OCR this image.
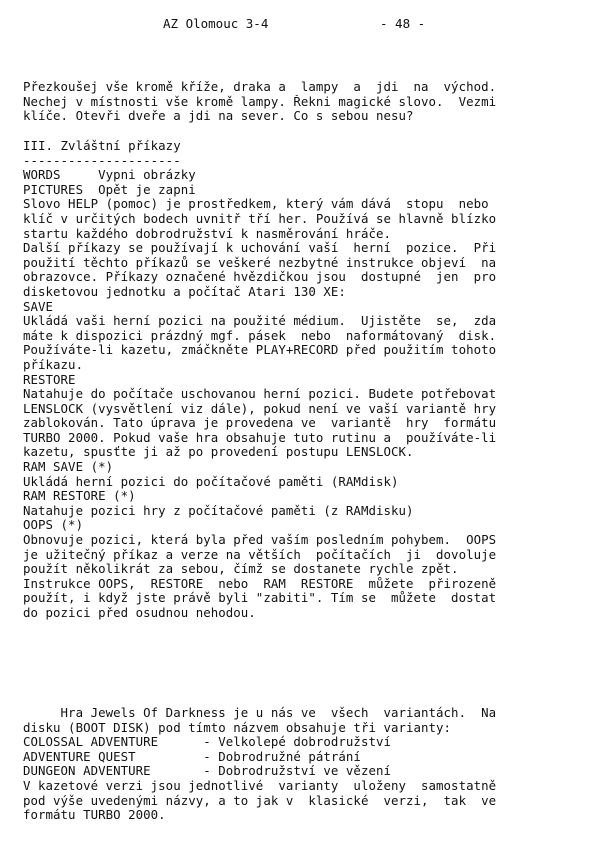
AZ Olomouc 3-4	- 48 -
Přezkoušej vše kromě kříže, draka a  lampy  a  jdi  na  východ.
Nechej v místnosti vše kromě lampy. Řekni magické slovo.  Vezmi
klíče. Otevři dveře a jdi na sever. Co s sebou nesu?
III. Zvláštní příkazy
---------------------
WORDS     Vypni obrázky
PICTURES  Opět je zapni
Slovo HELP (pomoc) je prostředkem, který vám dává  stopu  nebo
klíč v určitých bodech uvnitř tří her. Používá se hlavně blízko
startu každého dobrodružství k nasměrování hráče.
Další příkazy se používají k uchování vaší  herní  pozice.  Při
použití těchto příkazů se veškeré nezbytné instrukce objeví  na
obrazovce. Příkazy označené hvězdičkou jsou  dostupné  jen  pro
disketovou jednotku a počítač Atari 130 XE:
SAVE
Ukládá vaši herní pozici na použité médium.  Ujistěte  se,  zda
máte k dispozici prázdný mgf. pásek  nebo  naformátovaný  disk.
Používáte-li kazetu, zmáčkněte PLAY+RECORD před použitím tohoto
příkazu.
RESTORE
Natahuje do počítače uschovanou herní pozici. Budete potřebovat
LENSLOCK (vysvětlení viz dále), pokud není ve vaší variantě hry
zablokován. Tato úprava je provedena ve  variantě  hry  formátu
TURBO 2000. Pokud vaše hra obsahuje tuto rutinu a  používáte-li
kazetu, spusťte ji až po provedení postupu LENSLOCK.
RAM SAVE (*)
Ukládá herní pozici do počítačové paměti (RAMdisk)
RAM RESTORE (*)
Natahuje pozici hry z počítačové paměti (z RAMdisku)
OOPS (*)
Obnovuje pozici, která byla před vaším posledním pohybem.  OOPS
je užitečný příkaz a verze na větších  počítačích  ji  dovoluje
použít několikrát za sebou, čímž se dostanete rychle zpět.
Instrukce OOPS,  RESTORE  nebo  RAM  RESTORE  můžete  přirozeně
použít, i když jste právě byli "zabiti". Tím se  můžete  dostat
do pozici před osudnou nehodou.
Hra Jewels Of Darkness je u nás ve  všech  variantách.  Na
disku (BOOT DISK) pod tímto názvem obsahuje tři varianty:
COLOSSAL ADVENTURE      - Velkolepé dobrodružství
ADVENTURE QUEST         - Dobrodružné pátrání
DUNGEON ADVENTURE       - Dobrodružství ve vězení
V kazetové verzi jsou jednotlivé  varianty  uloženy  samostatně
pod výše uvedenými názvy, a to jak v  klasické  verzi,  tak  ve
formátu TURBO 2000.
